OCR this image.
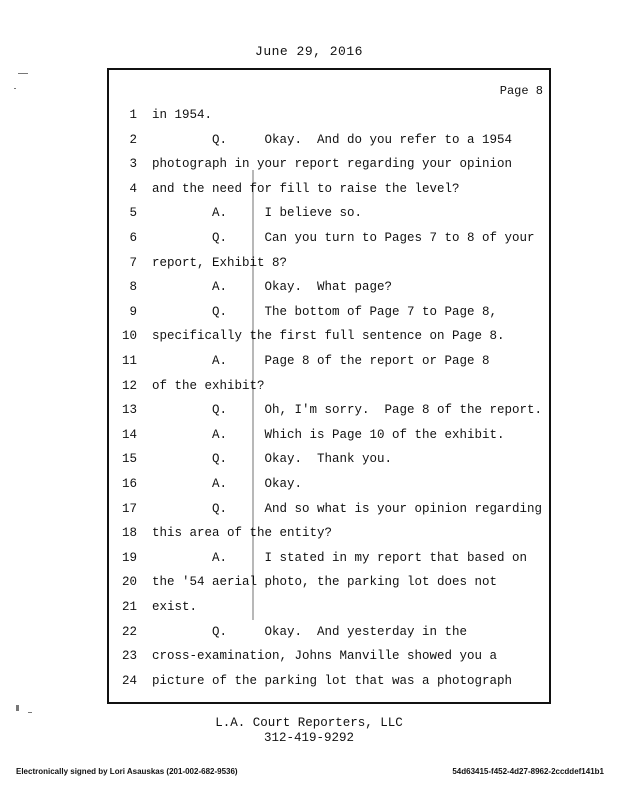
June 29, 2016
Page 8
1 in 1954.
2 Q.     Okay.  And do you refer to a 1954
3 photograph in your report regarding your opinion
4 and the need for fill to raise the level?
5 A.     I believe so.
6 Q.     Can you turn to Pages 7 to 8 of your
7 report, Exhibit 8?
8 A.     Okay.  What page?
9 Q.     The bottom of Page 7 to Page 8,
10 specifically the first full sentence on Page 8.
11 A.     Page 8 of the report or Page 8
12 of the exhibit?
13 Q.     Oh, I'm sorry.  Page 8 of the report.
14 A.     Which is Page 10 of the exhibit.
15 Q.     Okay.  Thank you.
16 A.     Okay.
17 Q.     And so what is your opinion regarding
18 this area of the entity?
19 A.     I stated in my report that based on
20 the '54 aerial photo, the parking lot does not
21 exist.
22 Q.     Okay.  And yesterday in the
23 cross-examination, Johns Manville showed you a
24 picture of the parking lot that was a photograph
L.A. Court Reporters, LLC
312-419-9292
Electronically signed by Lori Asauskas (201-002-682-9536)	54d63415-f452-4d27-8962-2ccddef141b1
